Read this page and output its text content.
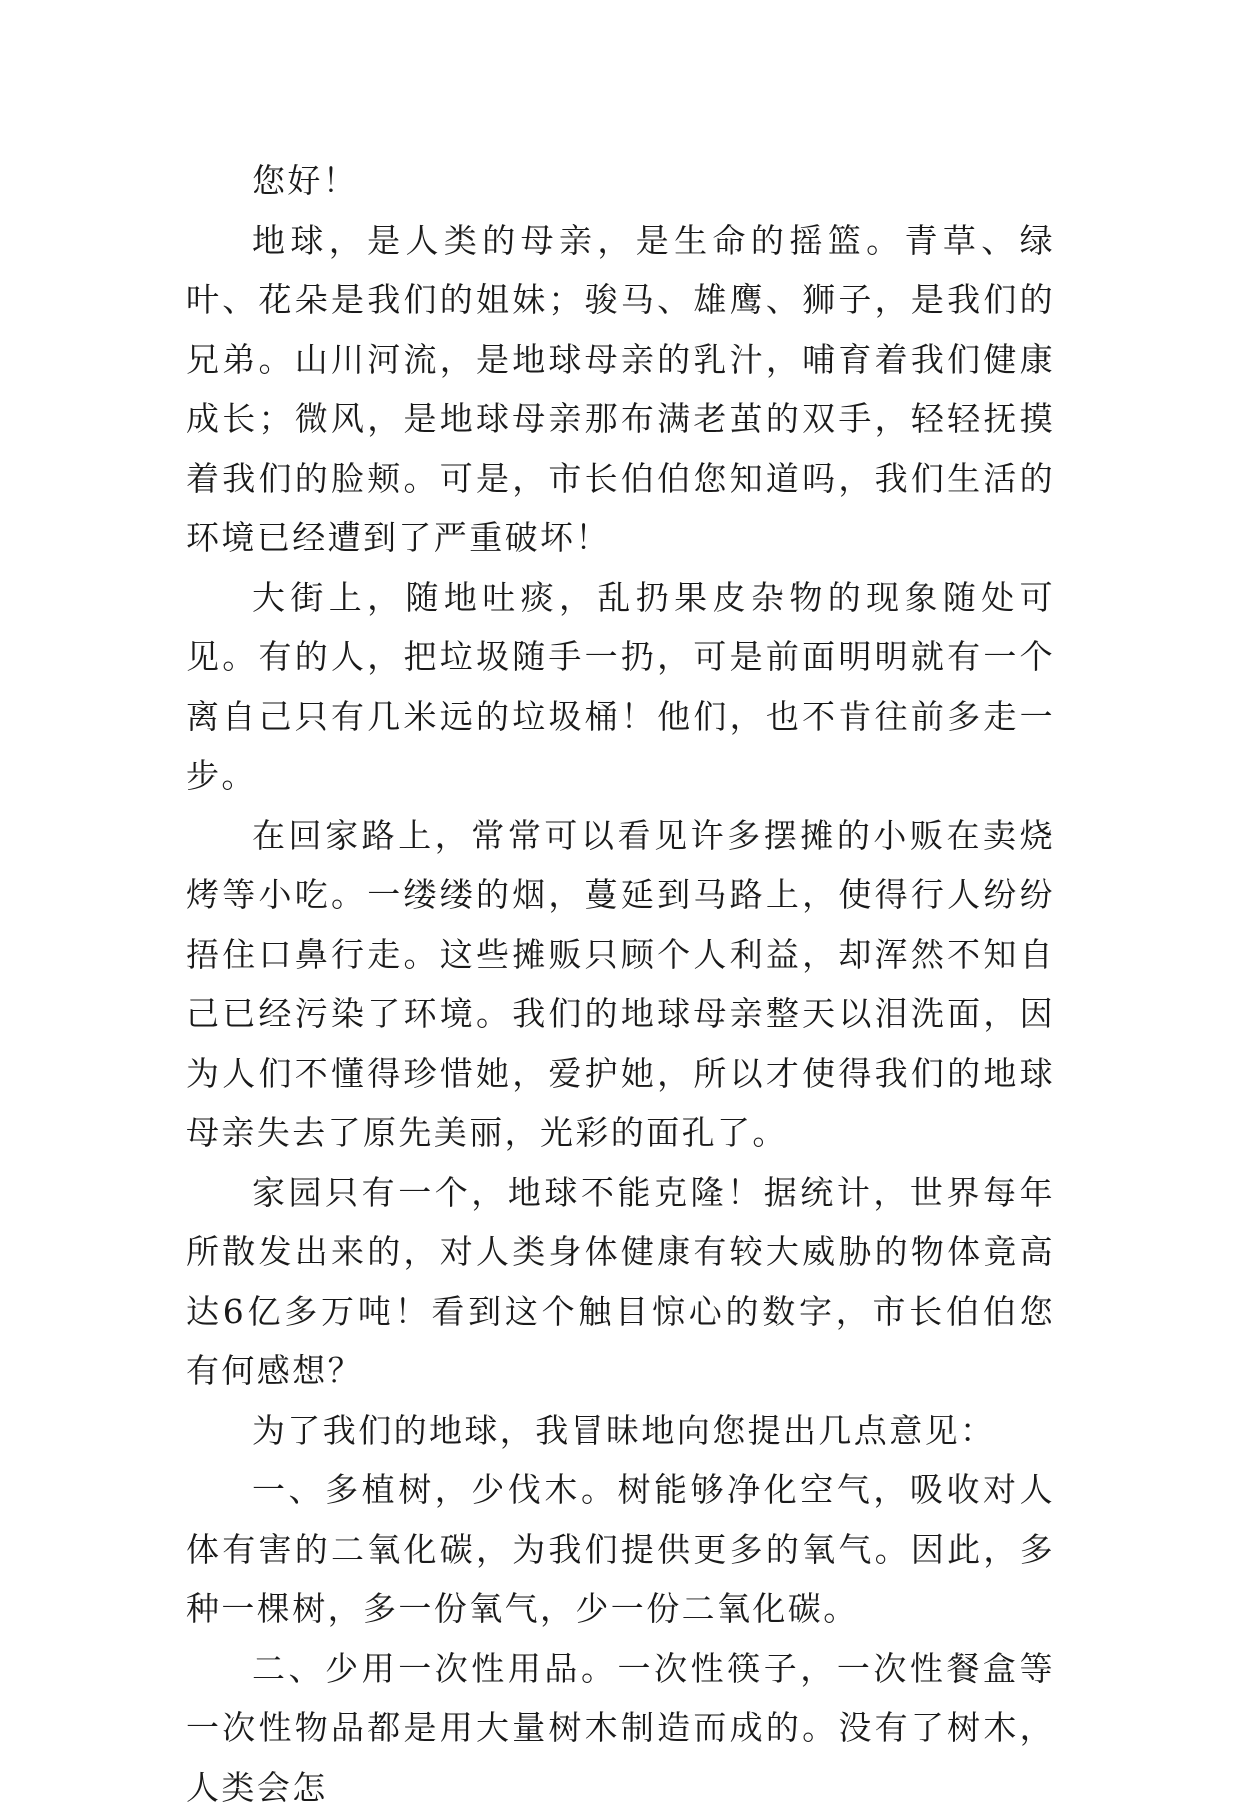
您好！

地球，是人类的母亲，是生命的摇篮。青草、绿叶、花朵是我们的姐妹；骏马、雄鹰、狮子，是我们的兄弟。山川河流，是地球母亲的乳汁，哺育着我们健康成长；微风，是地球母亲那布满老茧的双手，轻轻抚摸着我们的脸颊。可是，市长伯伯您知道吗，我们生活的环境已经遭到了严重破坏！

大街上，随地吐痰，乱扔果皮杂物的现象随处可见。有的人，把垃圾随手一扔，可是前面明明就有一个离自己只有几米远的垃圾桶！他们，也不肯往前多走一步。

在回家路上，常常可以看见许多摆摊的小贩在卖烧烤等小吃。一缕缕的烟，蔓延到马路上，使得行人纷纷捂住口鼻行走。这些摊贩只顾个人利益，却浑然不知自己已经污染了环境。我们的地球母亲整天以泪洗面，因为人们不懂得珍惜她，爱护她，所以才使得我们的地球母亲失去了原先美丽，光彩的面孔了。

家园只有一个，地球不能克隆！据统计，世界每年所散发出来的，对人类身体健康有较大威胁的物体竟高达6亿多万吨！看到这个触目惊心的数字，市长伯伯您有何感想？

为了我们的地球，我冒昧地向您提出几点意见：

一、多植树，少伐木。树能够净化空气，吸收对人体有害的二氧化碳，为我们提供更多的氧气。因此，多种一棵树，多一份氧气，少一份二氧化碳。

二、少用一次性用品。一次性筷子，一次性餐盒等一次性物品都是用大量树木制造而成的。没有了树木，人类会怎
